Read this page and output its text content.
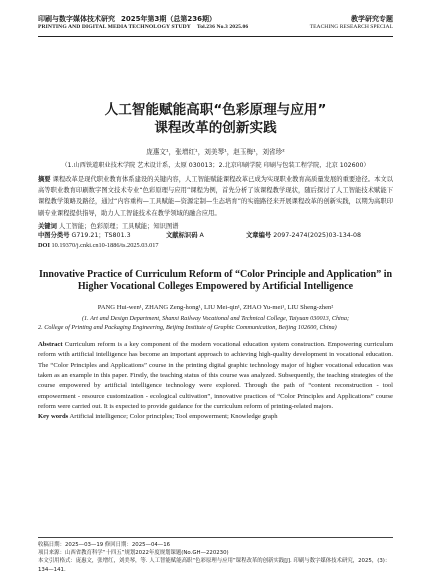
印刷与数字媒体技术研究 2025年第3期（总第236期）
PRINTING AND DIGITAL MEDIA TECHNOLOGY STUDY Tol.236 No.3 2025.06
教学研究专题
TEACHING RESEARCH SPECIAL
人工智能赋能高职“色彩原理与应用”
课程改革的创新实践
庞惠文¹，张增红¹，刘美琴¹，赵玉梅¹，刘省珍²
（1.山西铁道职业技术学院 艺术设计系，太原 030013；2.北京印刷学院 印刷与包装工程学院，北京 102600）
摘要 课程改革是现代职业教育体系建设的关键内容，人工智能赋能课程改革已成为实现职业教育高质量发展的重要途径。本文以高等职业教育印刷数字图文技术专业“色彩原理与应用”课程为例，首先分析了该课程教学现状，随后探讨了人工智能技术赋能下课程教学策略及路径，通过“内容重构—工具赋能—资源定制—生态培育”的实施路径来开展课程改革的创新实践，以期为高职印刷专业课程提供指导，助力人工智能技术在教学领域的融合应用。
关键词 人工智能；色彩原理；工具赋能；知识图谱
中图分类号 G719.21；TS801.3	文献标识码 A	文章编号 2097-2474(2025)03-134-08
DOI 10.19370/j.cnki.cn10-1886/ts.2025.03.017
Innovative Practice of Curriculum Reform of “Color Principle and Application” in
Higher Vocational Colleges Empowered by Artificial Intelligence
PANG Hui-wen¹, ZHANG Zeng-hong¹, LIU Mei-qin¹, ZHAO Yu-mei¹, LIU Sheng-zhen²
(1. Art and Design Department, Shanxi Railway Vocational and Technical College, Taiyuan 030013, China;
2. College of Printing and Packaging Engineering, Beijing Institute of Graphic Communication, Beijing 102600, China)
Abstract Curriculum reform is a key component of the modern vocational education system construction. Empowering curriculum reform with artificial intelligence has become an important approach to achieving high-quality development in vocational education. The “Color Principles and Applications” course in the printing digital graphic technology major of higher vocational education was taken as an example in this paper. Firstly, the teaching status of this course was analyzed. Subsequently, the teaching strategies of the course empowered by artificial intelligence technology were explored. Through the path of “content reconstruction - tool empowerment - resource customization - ecological cultivation”, innovative practices of “Color Principles and Applications” course reform were carried out. It is expected to provide guidance for the curriculum reform of printing-related majors.
Key words Artificial intelligence; Color principles; Tool empowerment; Knowledge graph
收稿日期：2025—03—19 修回日期：2025—04—16
项目来源：山西省教育科学“十四五”规划2022年度规划课题(No.GH—220230)
本文引用格式：庞惠文，张增红，刘美琴，等. 人工智能赋能高职“色彩原理与应用”课程改革的创新实践[J]. 印刷与数字媒体技术研究，2025，(3)：134—141.
